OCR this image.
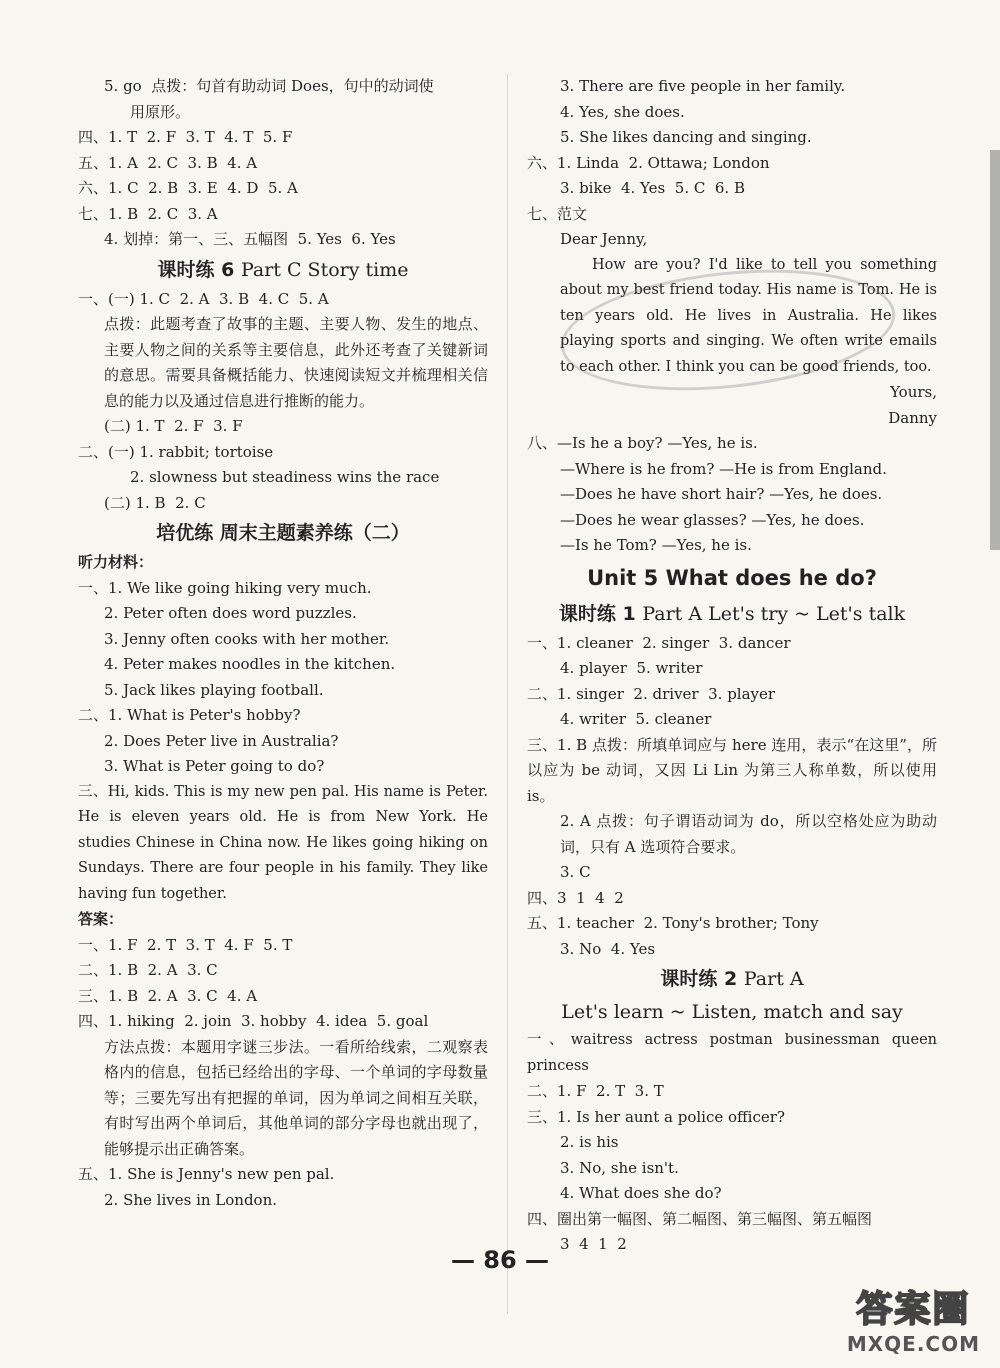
5. go  点拨：句首有助动词 Does，句中的动词使
用原形。
四、1. T  2. F  3. T  4. T  5. F
五、1. A  2. C  3. B  4. A
六、1. C  2. B  3. E  4. D  5. A
七、1. B  2. C  3. A
4. 划掉：第一、三、五幅图  5. Yes  6. Yes
课时练 6 Part C Story time
一、(一) 1. C  2. A  3. B  4. C  5. A
点拨：此题考查了故事的主题、主要人物、发生的地点、主要人物之间的关系等主要信息，此外还考查了关键新词的意思。需要具备概括能力、快速阅读短文并梳理相关信息的能力以及通过信息进行推断的能力。
(二) 1. T  2. F  3. F
二、(一) 1. rabbit; tortoise
2. slowness but steadiness wins the race
(二) 1. B  2. C
培优练 周末主题素养练（二）
听力材料：
一、1. We like going hiking very much.
2. Peter often does word puzzles.
3. Jenny often cooks with her mother.
4. Peter makes noodles in the kitchen.
5. Jack likes playing football.
二、1. What is Peter's hobby?
2. Does Peter live in Australia?
3. What is Peter going to do?
三、Hi, kids. This is my new pen pal. His name is Peter. He is eleven years old. He is from New York. He studies Chinese in China now. He likes going hiking on Sundays. There are four people in his family. They like having fun together.
答案：
一、1. F  2. T  3. T  4. F  5. T
二、1. B  2. A  3. C
三、1. B  2. A  3. C  4. A
四、1. hiking  2. join  3. hobby  4. idea  5. goal
方法点拨：本题用字谜三步法。一看所给线索，二观察表格内的信息，包括已经给出的字母、一个单词的字母数量等；三要先写出有把握的单词，因为单词之间相互关联，有时写出两个单词后，其他单词的部分字母也就出现了，能够提示出正确答案。
五、1. She is Jenny's new pen pal.
2. She lives in London.
3. There are five people in her family.
4. Yes, she does.
5. She likes dancing and singing.
六、1. Linda  2. Ottawa; London
3. bike  4. Yes  5. C  6. B
七、范文
Dear Jenny,
How are you? I'd like to tell you something about my best friend today. His name is Tom. He is ten years old. He lives in Australia. He likes playing sports and singing. We often write emails to each other. I think you can be good friends, too.
Yours,
Danny
八、—Is he a boy? —Yes, he is.
—Where is he from? —He is from England.
—Does he have short hair? —Yes, he does.
—Does he wear glasses? —Yes, he does.
—Is he Tom? —Yes, he is.
Unit 5 What does he do?
课时练 1 Part A Let's try ~ Let's talk
一、1. cleaner  2. singer  3. dancer
4. player  5. writer
二、1. singer  2. driver  3. player
4. writer  5. cleaner
三、1. B 点拨：所填单词应与 here 连用，表示“在这里”，所以应为 be 动词，又因 Li Lin 为第三人称单数，所以使用 is。
2. A 点拨：句子谓语动词为 do，所以空格处应为助动词，只有 A 选项符合要求。
3. C
四、3  1  4  2
五、1. teacher  2. Tony's brother; Tony
3. No  4. Yes
课时练 2 Part A
Let's learn ~ Listen, match and say
一、waitress actress postman businessman queen princess
二、1. F  2. T  3. T
三、1. Is her aunt a police officer?
2. is his
3. No, she isn't.
4. What does she do?
四、圈出第一幅图、第二幅图、第三幅图、第五幅图
3  4  1  2
— 86 —
答案圈
MXQE.COM
